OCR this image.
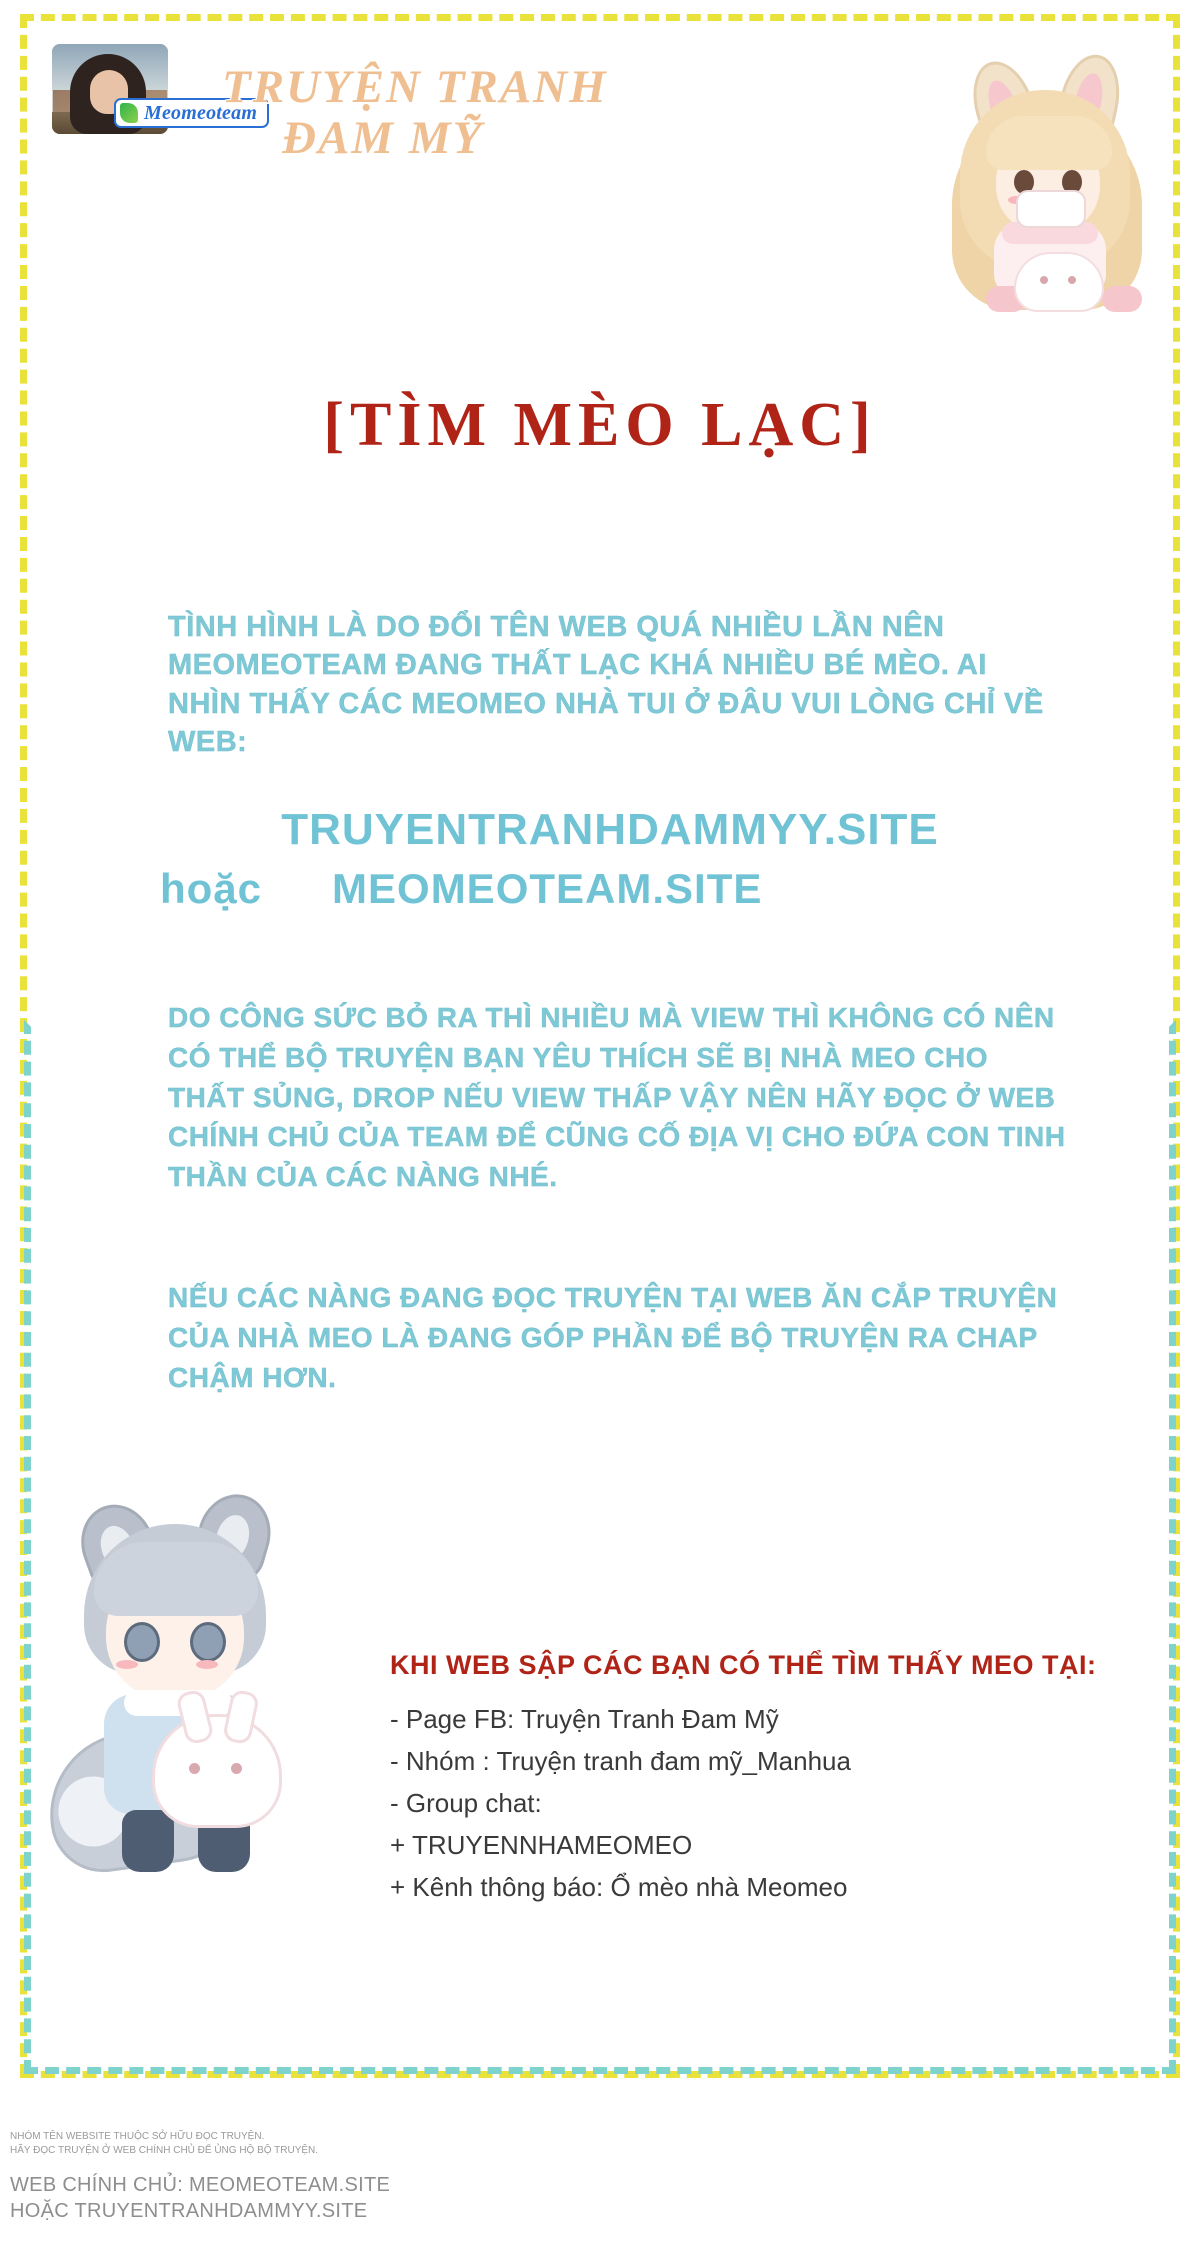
Meomeoteam
TRUYỆN TRANH
ĐAM MỸ
[TÌM MÈO LẠC]
TÌNH HÌNH LÀ DO ĐỔI TÊN WEB QUÁ NHIỀU LẦN NÊN MEOMEOTEAM ĐANG THẤT LẠC KHÁ NHIỀU BÉ MÈO. AI NHÌN THẤY CÁC MEOMEO NHÀ TUI Ở ĐÂU VUI LÒNG CHỈ VỀ WEB:
TRUYENTRANHDAMMYY.SITE
hoặc MEOMEOTEAM.SITE
DO CÔNG SỨC BỎ RA THÌ NHIỀU MÀ VIEW THÌ KHÔNG CÓ NÊN CÓ THỂ BỘ TRUYỆN BẠN YÊU THÍCH SẼ BỊ NHÀ MEO CHO THẤT SỦNG, DROP NẾU VIEW THẤP VẬY NÊN HÃY ĐỌC Ở WEB CHÍNH CHỦ CỦA TEAM ĐỂ CŨNG CỐ ĐỊA VỊ CHO ĐỨA CON TINH THẦN CỦA CÁC NÀNG NHÉ.
NẾU CÁC NÀNG ĐANG ĐỌC TRUYỆN TẠI WEB ĂN CẮP TRUYỆN CỦA NHÀ MEO LÀ ĐANG GÓP PHẦN ĐỂ BỘ TRUYỆN RA CHAP CHẬM HƠN.
KHI WEB SẬP CÁC BẠN CÓ THỂ TÌM THẤY MEO TẠI:
- Page FB: Truyện Tranh Đam Mỹ
- Nhóm : Truyện tranh đam mỹ_Manhua
- Group chat:
+ TRUYENNHAMEOMEO
+ Kênh thông báo: Ổ mèo nhà Meomeo
NHÓM TÊN WEBSITE THUỘC SỞ HỮU ĐỌC TRUYỆN.
HÃY ĐỌC TRUYỆN Ở WEB CHÍNH CHỦ ĐỂ ỦNG HỘ BỘ TRUYỆN.
WEB CHÍNH CHỦ: MEOMEOTEAM.SITE
HOẶC TRUYENTRANHDAMMYY.SITE
